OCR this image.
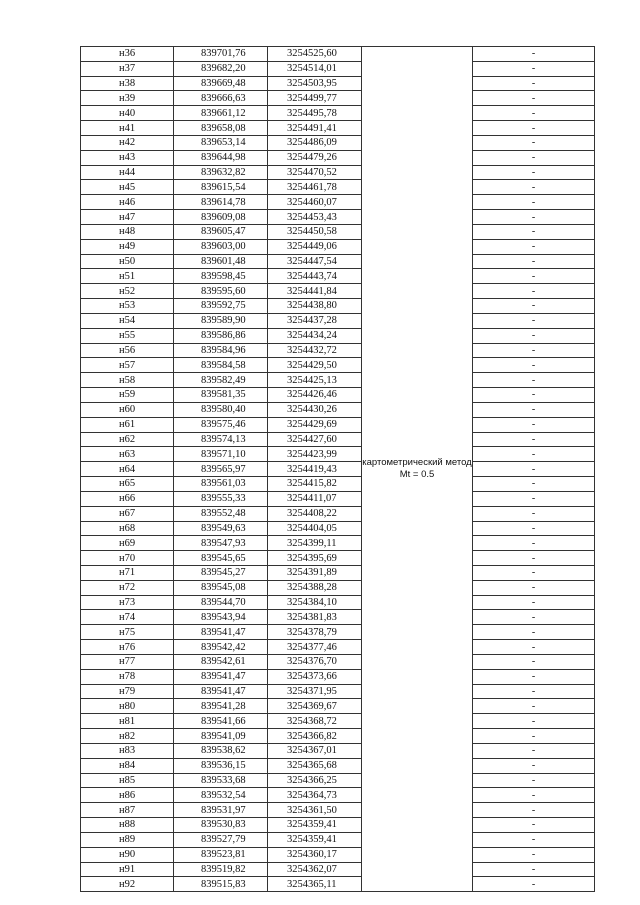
н36	839701,76	3254525,60	картометрический метод Mt = 0.5	-
н37	839682,20	3254514,01		-
н38	839669,48	3254503,95		-
н39	839666,63	3254499,77		-
н40	839661,12	3254495,78		-
н41	839658,08	3254491,41		-
н42	839653,14	3254486,09		-
н43	839644,98	3254479,26		-
н44	839632,82	3254470,52		-
н45	839615,54	3254461,78		-
н46	839614,78	3254460,07		-
н47	839609,08	3254453,43		-
н48	839605,47	3254450,58		-
н49	839603,00	3254449,06		-
н50	839601,48	3254447,54		-
н51	839598,45	3254443,74		-
н52	839595,60	3254441,84		-
н53	839592,75	3254438,80		-
н54	839589,90	3254437,28		-
н55	839586,86	3254434,24		-
н56	839584,96	3254432,72		-
н57	839584,58	3254429,50		-
н58	839582,49	3254425,13		-
н59	839581,35	3254426,46		-
н60	839580,40	3254430,26		-
н61	839575,46	3254429,69		-
н62	839574,13	3254427,60		-
н63	839571,10	3254423,99		-
н64	839565,97	3254419,43		-
н65	839561,03	3254415,82		-
н66	839555,33	3254411,07		-
н67	839552,48	3254408,22		-
н68	839549,63	3254404,05		-
н69	839547,93	3254399,11		-
н70	839545,65	3254395,69		-
н71	839545,27	3254391,89		-
н72	839545,08	3254388,28		-
н73	839544,70	3254384,10		-
н74	839543,94	3254381,83		-
н75	839541,47	3254378,79		-
н76	839542,42	3254377,46		-
н77	839542,61	3254376,70		-
н78	839541,47	3254373,66		-
н79	839541,47	3254371,95		-
н80	839541,28	3254369,67		-
н81	839541,66	3254368,72		-
н82	839541,09	3254366,82		-
н83	839538,62	3254367,01		-
н84	839536,15	3254365,68		-
н85	839533,68	3254366,25		-
н86	839532,54	3254364,73		-
н87	839531,97	3254361,50		-
н88	839530,83	3254359,41		-
н89	839527,79	3254359,41		-
н90	839523,81	3254360,17		-
н91	839519,82	3254362,07		-
н92	839515,83	3254365,11		-
